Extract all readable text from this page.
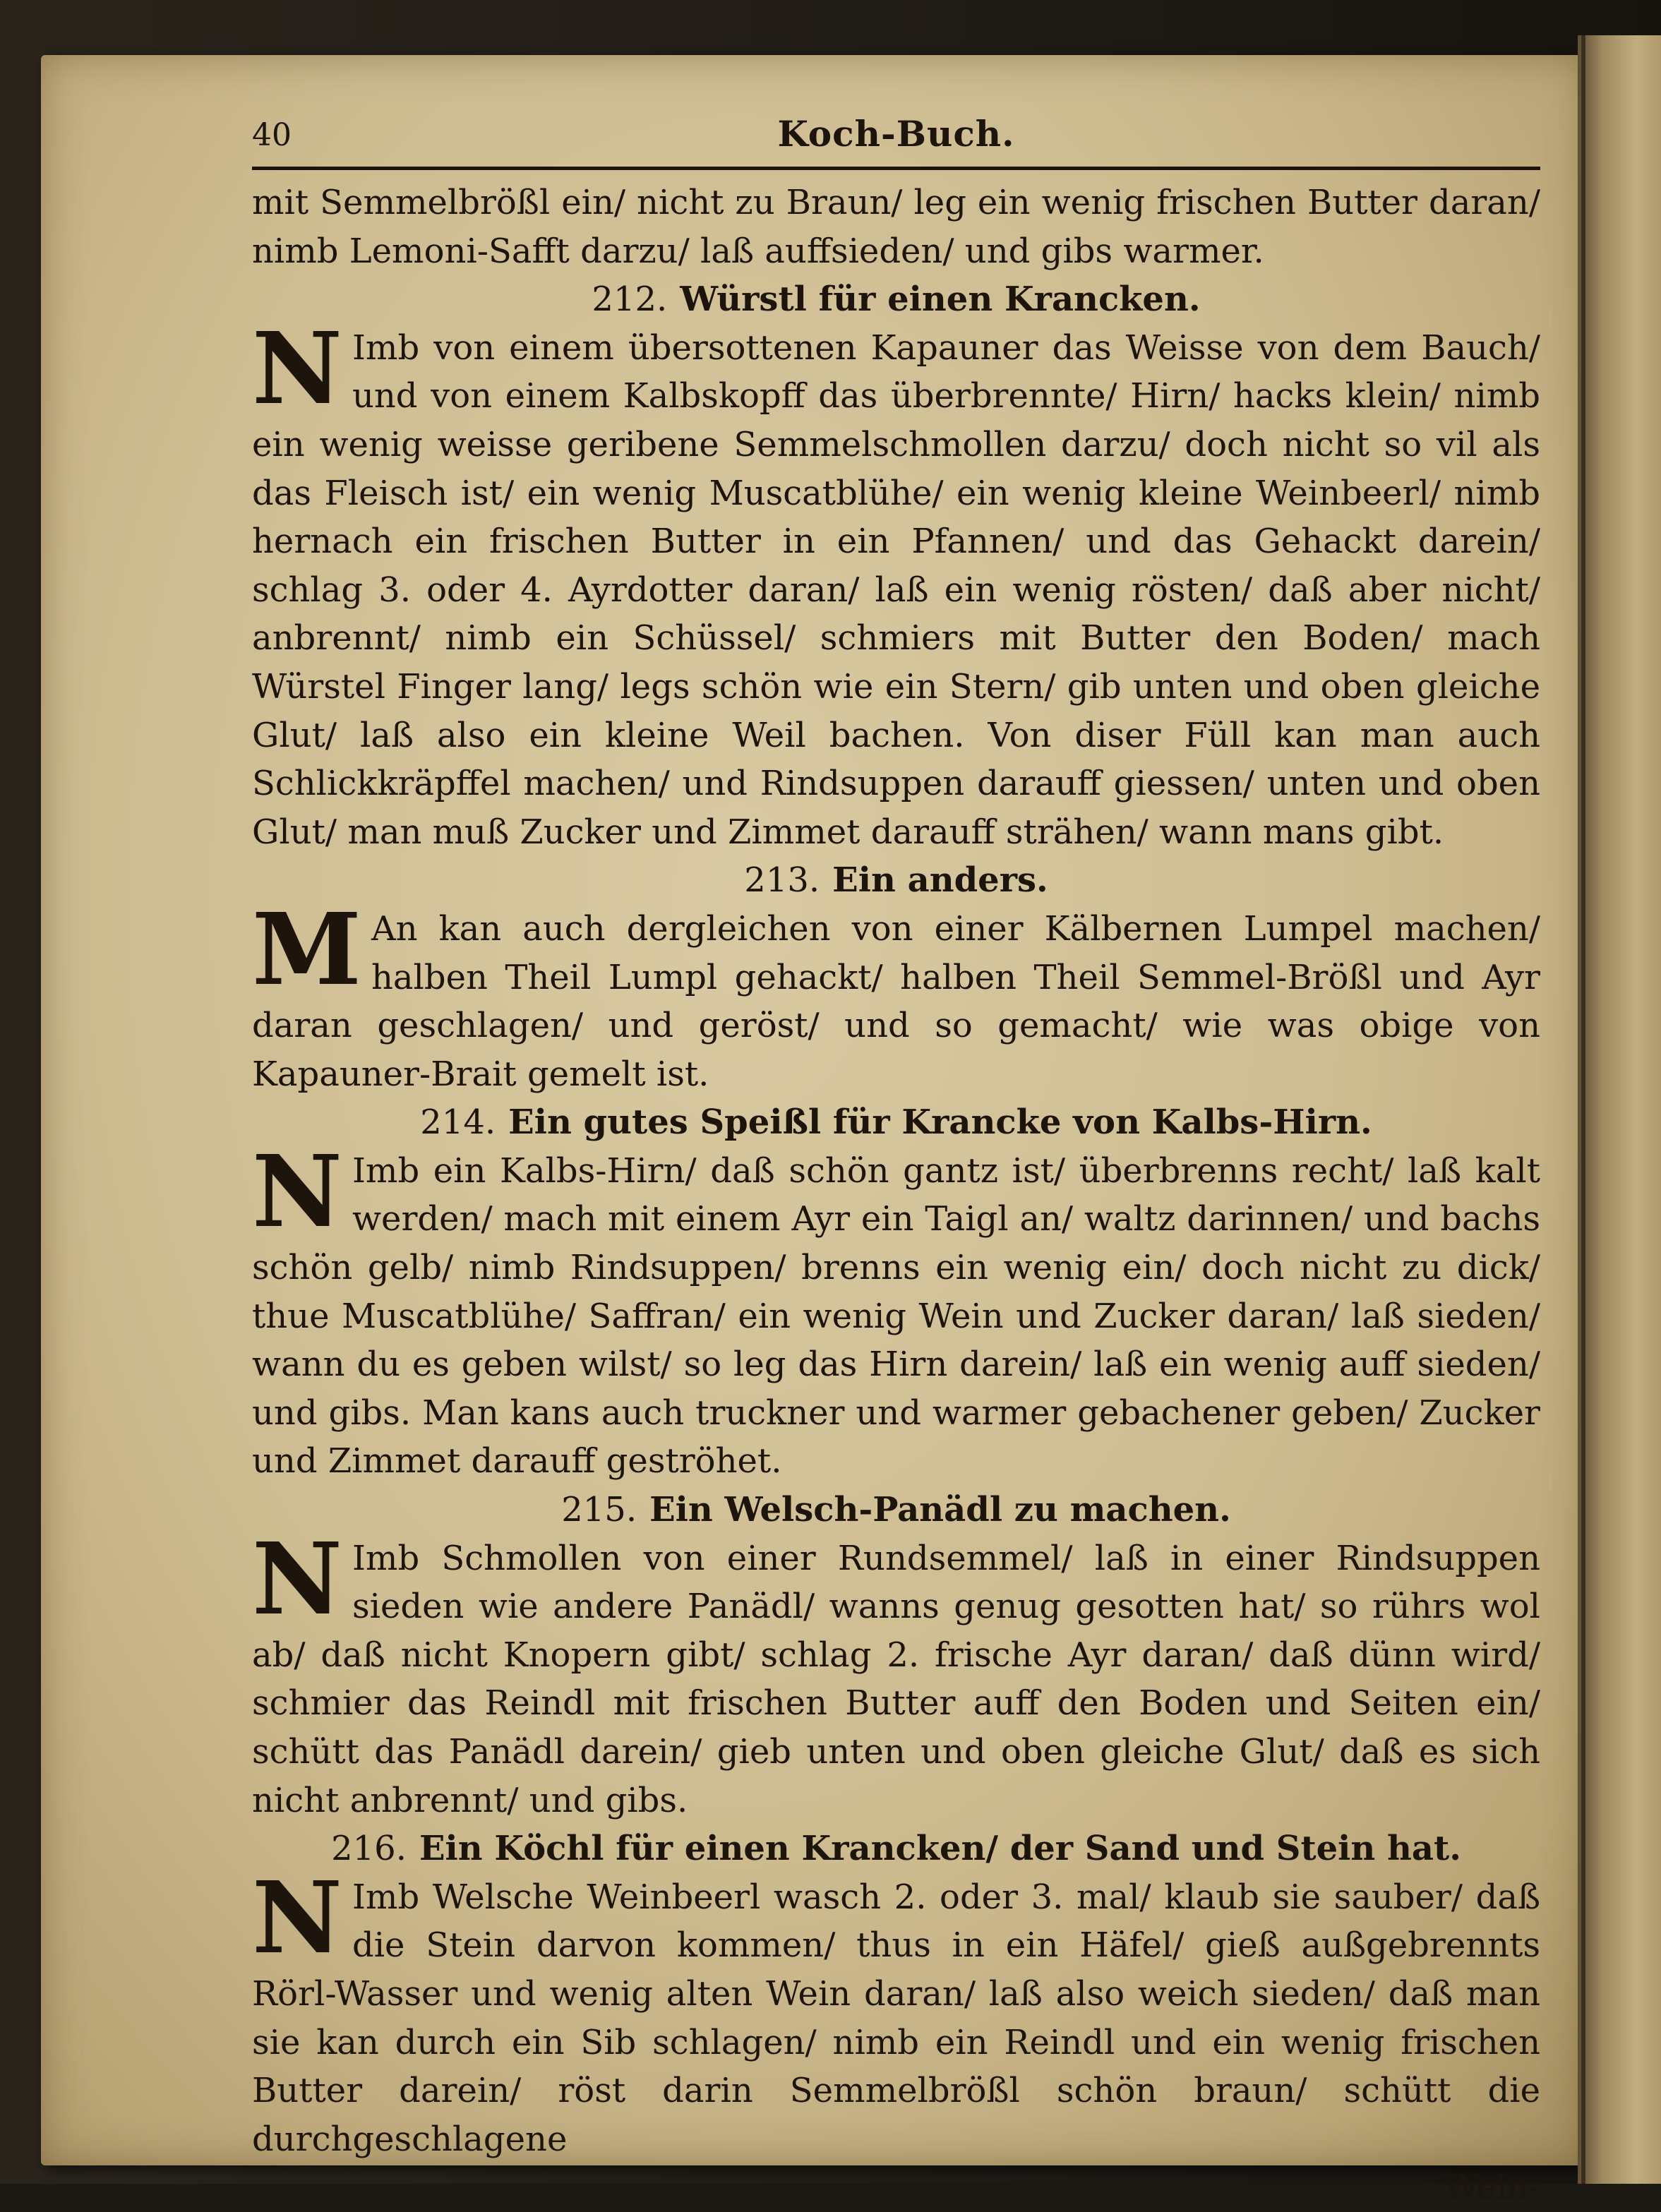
40	Koch-Buch.

mit Semmelbrößl ein/ nicht zu Braun/ leg ein wenig frischen Butter daran/ nimb Lemoni-Safft darzu/ laß auffsieden/ und gibs warmer.

212. Würstl für einen Krancken.

N Imb von einem übersottenen Kapauner das Weisse von dem Bauch/ und von einem Kalbskopff das überbrennte/ Hirn/ hacks klein/ nimb ein wenig weisse geribene Semmelschmollen darzu/ doch nicht so vil als das Fleisch ist/ ein wenig Muscatblühe/ ein wenig kleine Weinbeerl/ nimb hernach ein frischen Butter in ein Pfannen/ und das Gehackt darein/ schlag 3. oder 4. Ayrdotter daran/ laß ein wenig rösten/ daß aber nicht/ anbrennt/ nimb ein Schüssel/ schmiers mit Butter den Boden/ mach Würstel Finger lang/ legs schön wie ein Stern/ gib unten und oben gleiche Glut/ laß also ein kleine Weil bachen. Von diser Füll kan man auch Schlickkräpffel machen/ und Rindsuppen darauff giessen/ unten und oben Glut/ man muß Zucker und Zimmet darauff strähen/ wann mans gibt.

213. Ein anders.

M An kan auch dergleichen von einer Kälbernen Lumpel machen/ halben Theil Lumpl gehackt/ halben Theil Semmel-Brößl und Ayr daran geschlagen/ und geröst/ und so gemacht/ wie was obige von Kapauner-Brait gemelt ist.

214. Ein gutes Speißl für Krancke von Kalbs-Hirn.

N Imb ein Kalbs-Hirn/ daß schön gantz ist/ überbrenns recht/ laß kalt werden/ mach mit einem Ayr ein Taigl an/ waltz darinnen/ und bachs schön gelb/ nimb Rindsuppen/ brenns ein wenig ein/ doch nicht zu dick/ thue Muscatblühe/ Saffran/ ein wenig Wein und Zucker daran/ laß sieden/ wann du es geben wilst/ so leg das Hirn darein/ laß ein wenig auff sieden/ und gibs. Man kans auch truckner und warmer gebachener geben/ Zucker und Zimmet darauff geströhet.

215. Ein Welsch-Panädl zu machen.

N Imb Schmollen von einer Rundsemmel/ laß in einer Rindsuppen sieden wie andere Panädl/ wanns genug gesotten hat/ so rührs wol ab/ daß nicht Knopern gibt/ schlag 2. frische Ayr daran/ daß dünn wird/ schmier das Reindl mit frischen Butter auff den Boden und Seiten ein/ schütt das Panädl darein/ gieb unten und oben gleiche Glut/ daß es sich nicht anbrennt/ und gibs.

216. Ein Köchl für einen Krancken/ der Sand und Stein hat.

N Imb Welsche Weinbeerl wasch 2. oder 3. mal/ klaub sie sauber/ daß die Stein darvon kommen/ thus in ein Häfel/ gieß außgebrennts Rörl-Wasser und wenig alten Wein daran/ laß also weich sieden/ daß man sie kan durch ein Sib schlagen/ nimb ein Reindl und ein wenig frischen Butter darein/ röst darin Semmelbrößl schön braun/ schütt die durchgeschlagene

Wein-
